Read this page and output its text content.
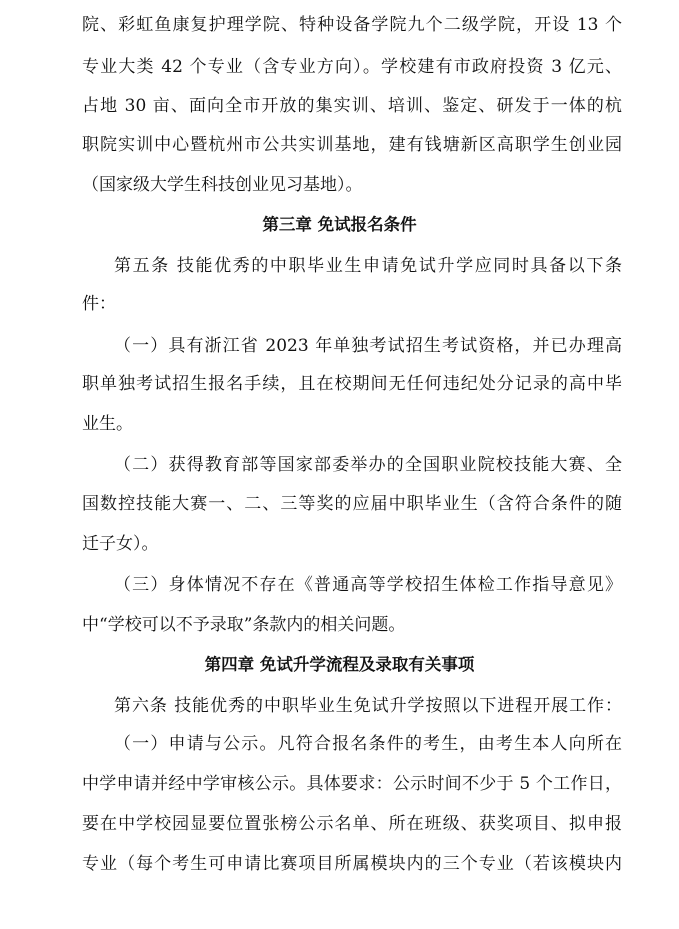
院、彩虹鱼康复护理学院、特种设备学院九个二级学院，开设 13 个
专业大类 42 个专业（含专业方向）。学校建有市政府投资 3 亿元、
占地 30 亩、面向全市开放的集实训、培训、鉴定、研发于一体的杭
职院实训中心暨杭州市公共实训基地，建有钱塘新区高职学生创业园
（国家级大学生科技创业见习基地）。
第三章 免试报名条件
第五条 技能优秀的中职毕业生申请免试升学应同时具备以下条
件：
（一）具有浙江省 2023 年单独考试招生考试资格，并已办理高
职单独考试招生报名手续，且在校期间无任何违纪处分记录的高中毕
业生。
（二）获得教育部等国家部委举办的全国职业院校技能大赛、全
国数控技能大赛一、二、三等奖的应届中职毕业生（含符合条件的随
迁子女）。
（三）身体情况不存在《普通高等学校招生体检工作指导意见》
中“学校可以不予录取”条款内的相关问题。
第四章 免试升学流程及录取有关事项
第六条 技能优秀的中职毕业生免试升学按照以下进程开展工作：
（一）申请与公示。凡符合报名条件的考生，由考生本人向所在
中学申请并经中学审核公示。具体要求：公示时间不少于 5 个工作日，
要在中学校园显要位置张榜公示名单、所在班级、获奖项目、拟申报
专业（每个考生可申请比赛项目所属模块内的三个专业（若该模块内
